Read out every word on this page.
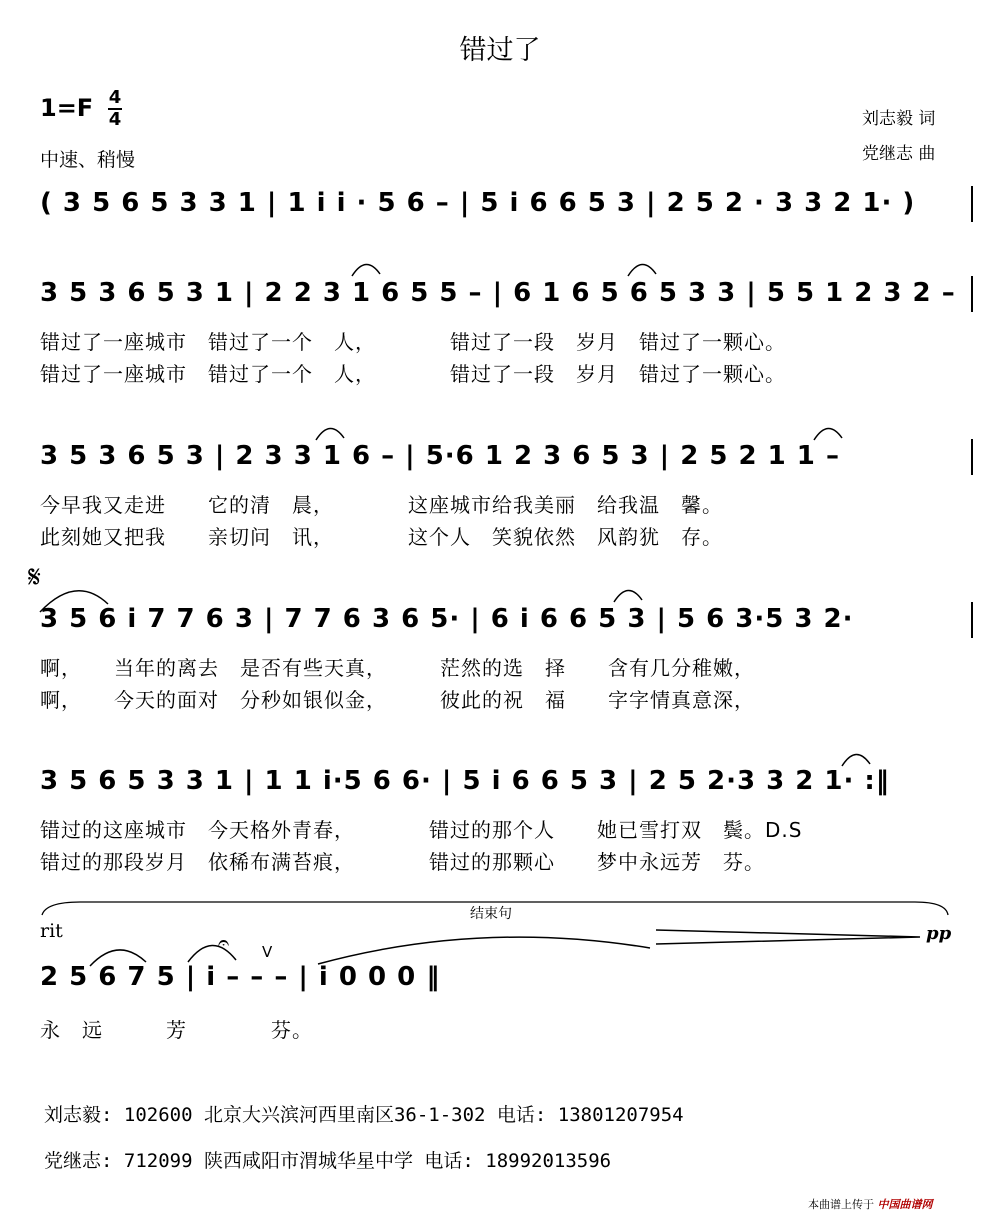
错过了
1=F 4
4
中速、稍慢
刘志毅 词
党继志 曲
( 3 5 6 5 3 3 1 | 1 i i · 5 6 – | 5 i 6 6 5 3 | 2 5 2 · 3 3 2 1· )
3 5 3 6 5 3 1 | 2 2 3 1 6 5 5 – | 6 1 6 5 6 5 3 3 | 5 5 1 2 3 2 –
错过了一座城市　错过了一个　人，　　　　错过了一段　岁月　错过了一颗心。
错过了一座城市　错过了一个　人，　　　　错过了一段　岁月　错过了一颗心。
3 5 3 6 5 3 | 2 3 3 1 6 – | 5·6 1 2 3 6 5 3 | 2 5 2 1 1 –
今早我又走进　　它的清　晨，　　　　这座城市给我美丽　给我温　馨。
此刻她又把我　　亲切问　讯，　　　　这个人　笑貌依然　风韵犹　存。
𝄋
3 5 6 i 7 7 6 3 | 7 7 6 3 6 5· | 6 i 6 6 5 3 | 5 6 3·5 3 2·
啊，　　当年的离去　是否有些天真，　　　茫然的选　择　　含有几分稚嫩，
啊，　　今天的面对　分秒如银似金，　　　彼此的祝　福　　字字情真意深，
3 5 6 5 3 3 1 | 1 1 i·5 6 6· | 5 i 6 6 5 3 | 2 5 2·3 3 2 1· :‖
错过的这座城市　今天格外青春，　　　　错过的那个人　　她已雪打双　鬓。D.S
错过的那段岁月　依稀布满苔痕，　　　　错过的那颗心　　梦中永远芳　芬。
rit
结束句
pp
V
𝄐
2 5 6 7 5 | i – – – | i 0 0 0 ‖
永　远　　　芳　　　　芬。
刘志毅: 102600 北京大兴滨河西里南区36-1-302 电话: 13801207954
党继志: 712099 陕西咸阳市渭城华星中学 电话: 18992013596
本曲谱上传于 中国曲谱网
